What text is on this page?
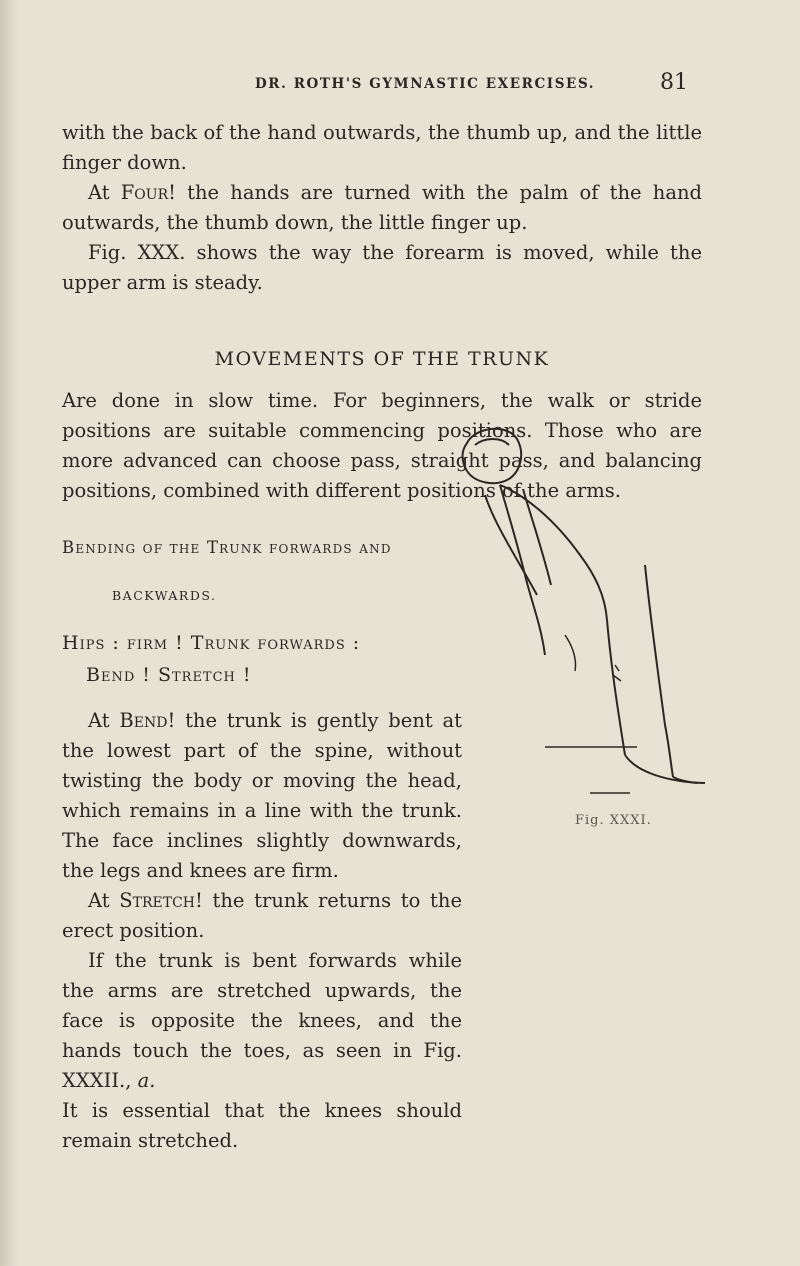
DR. ROTH'S GYMNASTIC EXERCISES.	81

with the back of the hand outwards, the thumb up, and the little finger down.

At Four! the hands are turned with the palm of the hand outwards, the thumb down, the little finger up.

Fig. XXX. shows the way the forearm is moved, while the upper arm is steady.

MOVEMENTS OF THE TRUNK

Are done in slow time. For beginners, the walk or stride positions are suitable commencing positions. Those who are more advanced can choose pass, straight pass, and balancing positions, combined with different positions of the arms.

Bending of the Trunk forwards and
BACKWARDS.
Hips : firm ! Trunk forwards :
Bend ! Stretch !

At Bend! the trunk is gently bent at the lowest part of the spine, without twisting the body or moving the head, which remains in a line with the trunk. The face inclines slightly downwards, the legs and knees are firm.

At Stretch! the trunk returns to the erect position.

If the trunk is bent forwards while the arms are stretched upwards, the face is opposite the knees, and the hands touch the toes, as seen in Fig. XXXII., a.

It is essential that the knees should remain stretched.

Fig. XXXI.
